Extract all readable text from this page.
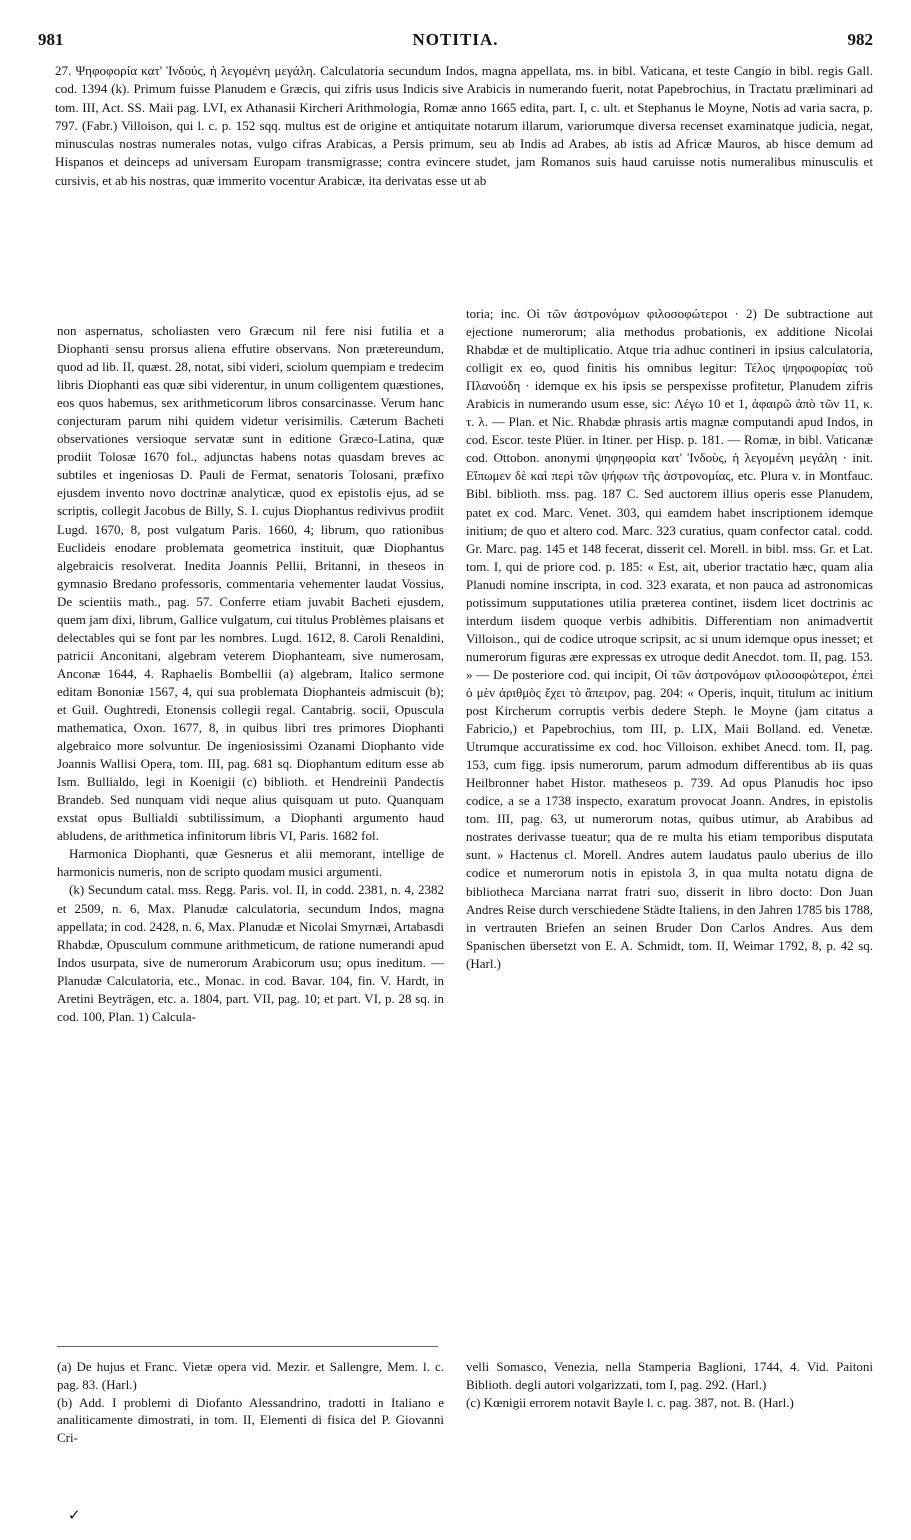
981	NOTITIA.	982

27. Ψηφοφορία κατ' Ἰνδούς, ἡ λεγομένη μεγάλη. Calculatoria secundum Indos, magna appellata, ms. in bibl. Vaticana, et teste Cangio in bibl. regis Gall. cod. 1394 (k). Primum fuisse Planudem e Græcis, qui zifris usus Indicis sive Arabicis in numerando fuerit, notat Papebrochius, in Tractatu præliminari ad tom. III, Act. SS. Maii pag. LVI, ex Athanasii Kircheri Arithmologia, Romæ anno 1665 edita, part. I, c. ult. et Stephanus le Moyne, Notis ad varia sacra, p. 797. (Fabr.) Villoison, qui l. c. p. 152 sqq. multus est de origine et antiquitate notarum illarum, variorumque diversa recenset examinatque judicia, negat, minusculas nostras numerales notas, vulgo cifras Arabicas, a Persis primum, seu ab Indis ad Arabes, ab istis ad Africæ Mauros, ab hisce demum ad Hispanos et deinceps ad universam Europam transmigrasse; contra evincere studet, jam Romanos suis haud caruisse notis numeralibus minusculis et cursivis, et ab his nostras, quæ immerito vocentur Arabicæ, ita derivatas esse ut ab

non aspernatus, scholiasten vero Græcum nil fere nisi futilia et a Diophanti sensu prorsus aliena effutire observans. Non prætereundum, quod ad lib. II, quæst. 28, notat, sibi videri, sciolum quempiam e tredecim libris Diophanti eas quæ sibi viderentur, in unum colligentem quæstiones, eos quos habemus, sex arithmeticorum libros consarcinasse. Verum hanc conjecturam parum nihi quidem videtur verisimilis. Cæterum Bacheti observationes versioque servatæ sunt in editione Græco-Latina, quæ prodiit Tolosæ 1670 fol., adjunctas habens notas quasdam breves ac subtiles et ingeniosas D. Pauli de Fermat, senatoris Tolosani, præfixo ejusdem invento novo doctrinæ analyticæ, quod ex epistolis ejus, ad se scriptis, collegit Jacobus de Billy, S. I. cujus Diophantus redivivus prodiit Lugd. 1670, 8, post vulgatum Paris. 1660, 4; librum, quo rationibus Euclideis enodare problemata geometrica instituit, quæ Diophantus algebraicis resolverat. Inedita Joannis Pellii, Britanni, in theseos in gymnasio Bredano professoris, commentaria vehementer laudat Vossius, De scientiis math., pag. 57. Conferre etiam juvabit Bacheti ejusdem, quem jam dixi, librum, Gallice vulgatum, cui titulus Problèmes plaisans et delectables qui se font par les nombres. Lugd. 1612, 8. Caroli Renaldini, patricii Anconitani, algebram veterem Diophanteam, sive numerosam, Anconæ 1644, 4. Raphaelis Bombellii (a) algebram, Italico sermone editam Bononiæ 1567, 4, qui sua problemata Diophanteis admiscuit (b); et Guil. Oughtredi, Etonensis collegii regal. Cantabrig. socii, Opuscula mathematica, Oxon. 1677, 8, in quibus libri tres primores Diophanti algebraico more solvuntur. De ingeniosissimi Ozanami Diophanto vide Joannis Wallisi Opera, tom. III, pag. 681 sq. Diophantum editum esse ab Ism. Bullialdo, legi in Koenigii (c) biblioth. et Hendreinii Pandectis Brandeb. Sed nunquam vidi neque alius quisquam ut puto. Quanquam exstat opus Bullialdi subtilissimum, a Diophanti argumento haud abludens, de arithmetica infinitorum libris VI, Paris. 1682 fol.

Harmonica Diophanti, quæ Gesnerus et alii memorant, intellige de harmonicis numeris, non de scripto quodam musici argumenti.

(k) Secundum catal. mss. Regg. Paris. vol. II, in codd. 2381, n. 4, 2382 et 2509, n. 6, Max. Planudæ calculatoria, secundum Indos, magna appellata; in cod. 2428, n. 6, Max. Planudæ et Nicolai Smyrnæi, Artabasdi Rhabdæ, Opusculum commune arithmeticum, de ratione numerandi apud Indos usurpata, sive de numerorum Arabicorum usu; opus ineditum. — Planudæ Calculatoria, etc., Monac. in cod. Bavar. 104, fin. V. Hardt, in Aretini Beyträgen, etc. a. 1804, part. VII, pag. 10; et part. VI, p. 28 sq. in cod. 100, Plan. 1) Calcula-

toria; inc. Οἱ τῶν ἀστρονόμων φιλοσοφώτεροι · 2) De subtractione aut ejectione numerorum; alia methodus probationis, ex additione Nicolai Rhabdæ et de multiplicatio. Atque tria adhuc contineri in ipsius calculatoria, colligit ex eo, quod finitis his omnibus legitur: Τέλος ψηφοφορίας τοῦ Πλανούδη · idemque ex his ipsis se perspexisse profitetur, Planudem zifris Arabicis in numerando usum esse, sic: Λέγω 10 et 1, ἀφαιρῶ ἀπὸ τῶν 11, κ. τ. λ. — Plan. et Nic. Rhabdæ phrasis artis magnæ computandi apud Indos, in cod. Escor. teste Plüer. in Itiner. per Hisp. p. 181. — Romæ, in bibl. Vaticanæ cod. Ottobon. anonymi ψηφηφορία κατ' Ἰνδοὺς, ἡ λεγομένη μεγάλη · init. Εἴπωμεν δὲ καὶ περὶ τῶν ψήφων τῆς ἀστρονομίας, etc. Plura v. in Montfauc. Bibl. biblioth. mss. pag. 187 C. Sed auctorem illius operis esse Planudem, patet ex cod. Marc. Venet. 303, qui eamdem habet inscriptionem idemque initium; de quo et altero cod. Marc. 323 curatius, quam confector catal. codd. Gr. Marc. pag. 145 et 148 fecerat, disserit cel. Morell. in bibl. mss. Gr. et Lat. tom. I, qui de priore cod. p. 185: « Est, ait, uberior tractatio hæc, quam alia Planudi nomine inscripta, in cod. 323 exarata, et non pauca ad astronomicas potissimum supputationes utilia præterea continet, iisdem licet doctrinis ac interdum iisdem quoque verbis adhibitis. Differentiam non animadvertit Villoison., qui de codice utroque scripsit, ac si unum idemque opus inesset; et numerorum figuras ære expressas ex utroque dedit Anecdot. tom. II, pag. 153. » — De posteriore cod. qui incipit, Οἱ τῶν ἀστρονόμων φιλοσοφώτεροι, ἐπεὶ ὁ μὲν ἀριθμὸς ἔχει τὸ ἄπειρον, pag. 204: « Operis, inquit, titulum ac initium post Kircherum corruptis verbis dedere Steph. le Moyne (jam citatus a Fabricio,) et Papebrochius, tom III, p. LIX, Maii Bolland. ed. Venetæ. Utrumque accuratissime ex cod. hoc Villoison. exhibet Anecd. tom. II, pag. 153, cum figg. ipsis numerorum, parum admodum differentibus ab iis quas Heilbronner habet Histor. matheseos p. 739. Ad opus Planudis hoc ipso codice, a se a 1738 inspecto, exaratum provocat Joann. Andres, in epistolis tom. III, pag. 63, ut numerorum notas, quibus utimur, ab Arabibus ad nostrates derivasse tueatur; qua de re multa his etiam temporibus disputata sunt. » Hactenus cl. Morell. Andres autem laudatus paulo uberius de illo codice et numerorum notis in epistola 3, in qua multa notatu digna de bibliotheca Marciana narrat fratri suo, disserit in libro docto: Don Juan Andres Reise durch verschiedene Städte Italiens, in den Jahren 1785 bis 1788, in vertrauten Briefen an seinen Bruder Don Carlos Andres. Aus dem Spanischen übersetzt von E. A. Schmidt, tom. II, Weimar 1792, 8, p. 42 sq. (Harl.)

(a) De hujus et Franc. Vietæ opera vid. Mezir. et Sallengre, Mem. l. c. pag. 83. (Harl.)

(b) Add. I problemi di Diofanto Alessandrino, tradotti in Italiano e analiticamente dimostrati, in tom. II, Elementi di fisica del P. Giovanni Cri-

velli Somasco, Venezia, nella Stamperia Baglioni, 1744, 4. Vid. Paitoni Biblioth. degli autori volgarizzati, tom I, pag. 292. (Harl.)

(c) Kœnigii errorem notavit Bayle l. c. pag. 387, not. B. (Harl.)

✓
